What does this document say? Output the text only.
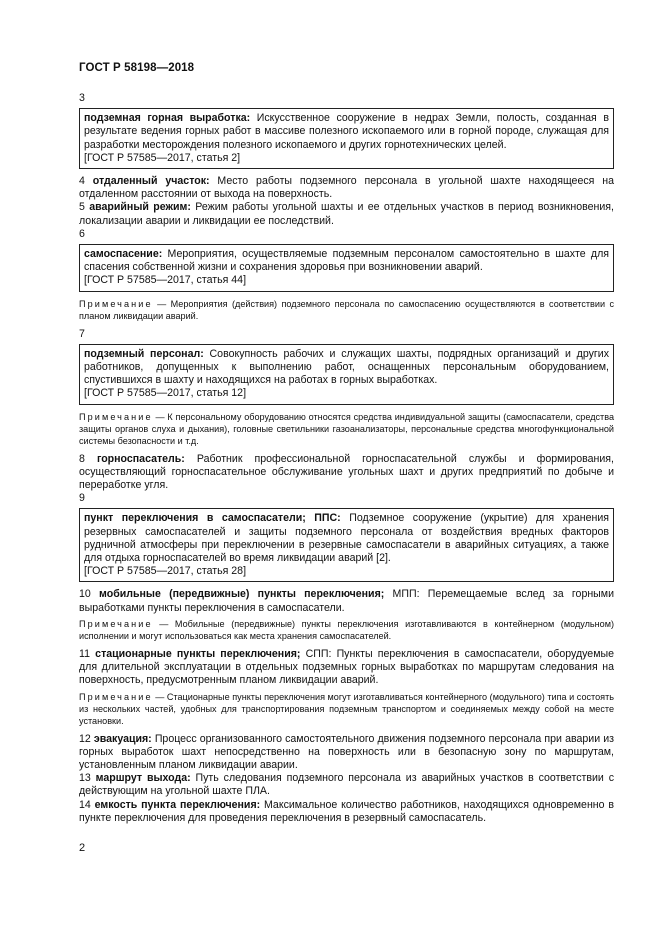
ГОСТ Р 58198—2018

3

подземная горная выработка: Искусственное сооружение в недрах Земли, полость, созданная в результате ведения горных работ в массиве полезного ископаемого или в горной породе, служащая для разработки месторождения полезного ископаемого и других горнотехнических целей.
[ГОСТ Р 57585—2017, статья 2]

4 отдаленный участок: Место работы подземного персонала в угольной шахте находящееся на отдаленном расстоянии от выхода на поверхность.

5 аварийный режим: Режим работы угольной шахты и ее отдельных участков в период возникновения, локализации аварии и ликвидации ее последствий.

6

самоспасение: Мероприятия, осуществляемые подземным персоналом самостоятельно в шахте для спасения собственной жизни и сохранения здоровья при возникновении аварий.
[ГОСТ Р 57585—2017, статья 44]

Примечание — Мероприятия (действия) подземного персонала по самоспасению осуществляются в соответствии с планом ликвидации аварий.

7

подземный персонал: Совокупность рабочих и служащих шахты, подрядных организаций и других работников, допущенных к выполнению работ, оснащенных персональным оборудованием, спустившихся в шахту и находящихся на работах в горных выработках.
[ГОСТ Р 57585—2017, статья 12]

Примечание — К персональному оборудованию относятся средства индивидуальной защиты (самоспасатели, средства защиты органов слуха и дыхания), головные светильники газоанализаторы, персональные средства многофункциональной системы безопасности и т.д.

8 горноспасатель: Работник профессиональной горноспасательной службы и формирования, осуществляющий горноспасательное обслуживание угольных шахт и других предприятий по добыче и переработке угля.

9

пункт переключения в самоспасатели; ППС: Подземное сооружение (укрытие) для хранения резервных самоспасателей и защиты подземного персонала от воздействия вредных факторов рудничной атмосферы при переключении в резервные самоспасатели в аварийных ситуациях, а также для отдыха горноспасателей во время ликвидации аварий [2].
[ГОСТ Р 57585—2017, статья 28]

10 мобильные (передвижные) пункты переключения; МПП: Перемещаемые вслед за горными выработками пункты переключения в самоспасатели.

Примечание — Мобильные (передвижные) пункты переключения изготавливаются в контейнерном (модульном) исполнении и могут использоваться как места хранения самоспасателей.

11 стационарные пункты переключения; СПП: Пункты переключения в самоспасатели, оборудуемые для длительной эксплуатации в отдельных подземных горных выработках по маршрутам следования на поверхность, предусмотренным планом ликвидации аварий.

Примечание — Стационарные пункты переключения могут изготавливаться контейнерного (модульного) типа и состоять из нескольких частей, удобных для транспортирования подземным транспортом и соединяемых между собой на месте установки.

12 эвакуация: Процесс организованного самостоятельного движения подземного персонала при аварии из горных выработок шахт непосредственно на поверхность или в безопасную зону по маршрутам, установленным планом ликвидации аварии.

13 маршрут выхода: Путь следования подземного персонала из аварийных участков в соответствии с действующим на угольной шахте ПЛА.

14 емкость пункта переключения: Максимальное количество работников, находящихся одновременно в пункте переключения для проведения переключения в резервный самоспасатель.

2
